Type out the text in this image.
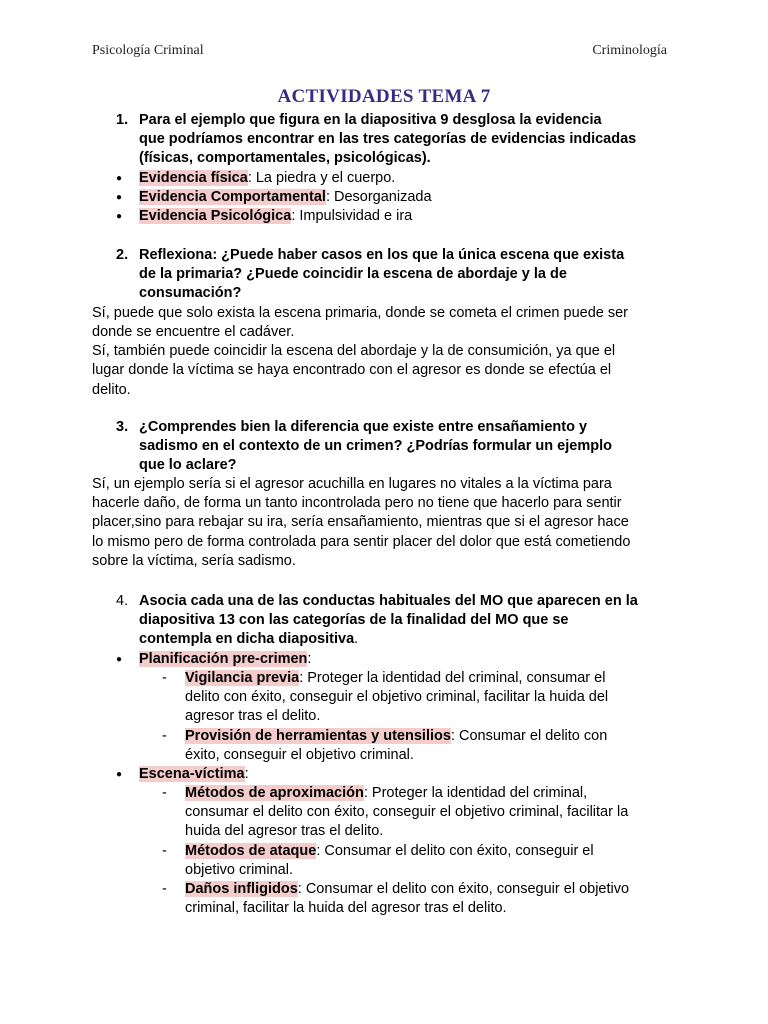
Psicología Criminal	Criminología
ACTIVIDADES TEMA 7
1. Para el ejemplo que figura en la diapositiva 9 desglosa la evidencia
que podríamos encontrar en las tres categorías de evidencias indicadas
(físicas, comportamentales, psicológicas).
● Evidencia física: La piedra y el cuerpo.
● Evidencia Comportamental: Desorganizada
● Evidencia Psicológica: Impulsividad e ira
2. Reflexiona: ¿Puede haber casos en los que la única escena que exista
de la primaria? ¿Puede coincidir la escena de abordaje y la de
consumación?
Sí, puede que solo exista la escena primaria, donde se cometa el crimen puede ser
donde se encuentre el cadáver.
Sí, también puede coincidir la escena del abordaje y la de consumición, ya que el
lugar donde la víctima se haya encontrado con el agresor es donde se efectúa el
delito.
3. ¿Comprendes bien la diferencia que existe entre ensañamiento y
sadismo en el contexto de un crimen? ¿Podrías formular un ejemplo
que lo aclare?
Sí, un ejemplo sería si el agresor acuchilla en lugares no vitales a la víctima para
hacerle daño, de forma un tanto incontrolada pero no tiene que hacerlo para sentir
placer,sino para rebajar su ira, sería ensañamiento, mientras que si el agresor hace
lo mismo pero de forma controlada para sentir placer del dolor que está cometiendo
sobre la víctima, sería sadismo.
4. Asocia cada una de las conductas habituales del MO que aparecen en la
diapositiva 13 con las categorías de la finalidad del MO que se
contempla en dicha diapositiva.
● Planificación pre-crimen:
- Vigilancia previa: Proteger la identidad del criminal, consumar el
delito con éxito, conseguir el objetivo criminal, facilitar la huida del
agresor tras el delito.
- Provisión de herramientas y utensilios: Consumar el delito con
éxito, conseguir el objetivo criminal.
● Escena-víctima:
- Métodos de aproximación: Proteger la identidad del criminal,
consumar el delito con éxito, conseguir el objetivo criminal, facilitar la
huida del agresor tras el delito.
- Métodos de ataque: Consumar el delito con éxito, conseguir el
objetivo criminal.
- Daños infligidos: Consumar el delito con éxito, conseguir el objetivo
criminal, facilitar la huida del agresor tras el delito.
